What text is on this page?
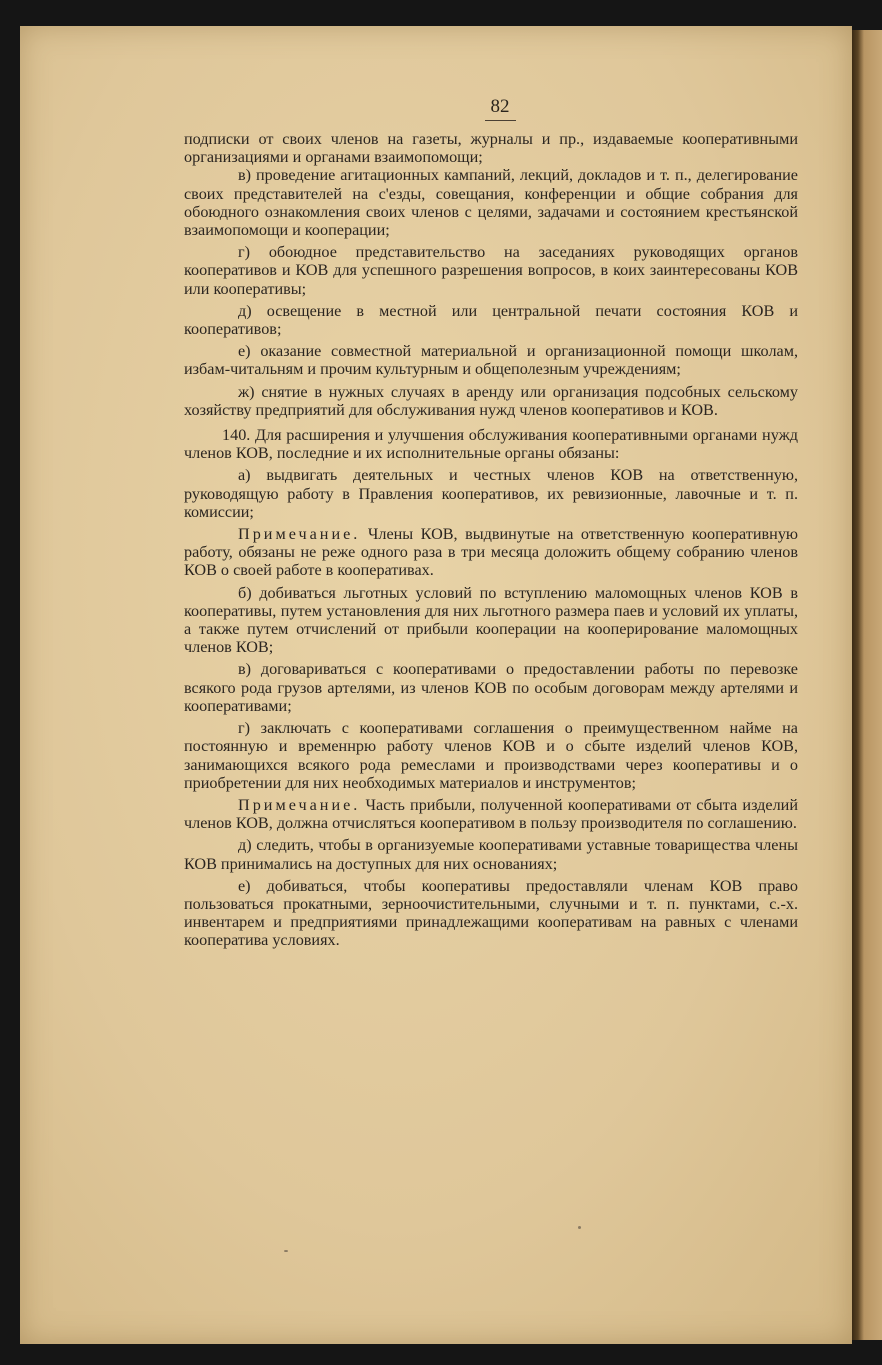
82

подписки от своих членов на газеты, журналы и пр., издаваемые кооперативными организациями и органами взаимопомощи;

в) проведение агитационных кампаний, лекций, докладов и т. п., делегирование своих представителей на с'езды, совещания, конференции и общие собрания для обоюдного ознакомления своих членов с целями, задачами и состоянием крестьянской взаимопомощи и кооперации;

г) обоюдное представительство на заседаниях руководящих органов кооперативов и КОВ для успешного разрешения вопросов, в коих заинтересованы КОВ или кооперативы;

д) освещение в местной или центральной печати состояния КОВ и кооперативов;

е) оказание совместной материальной и организационной помощи школам, избам-читальням и прочим культурным и общеполезным учреждениям;

ж) снятие в нужных случаях в аренду или организация подсобных сельскому хозяйству предприятий для обслуживания нужд членов кооперативов и КОВ.

140. Для расширения и улучшения обслуживания кооперативными органами нужд членов КОВ, последние и их исполнительные органы обязаны:

а) выдвигать деятельных и честных членов КОВ на ответственную, руководящую работу в Правления кооперативов, их ревизионные, лавочные и т. п. комиссии;

Примечание. Члены КОВ, выдвинутые на ответственную кооперативную работу, обязаны не реже одного раза в три месяца доложить общему собранию членов КОВ о своей работе в кооперативах.

б) добиваться льготных условий по вступлению маломощных членов КОВ в кооперативы, путем установления для них льготного размера паев и условий их уплаты, а также путем отчислений от прибыли кооперации на кооперирование маломощных членов КОВ;

в) договариваться с кооперативами о предоставлении работы по перевозке всякого рода грузов артелями, из членов КОВ по особым договорам между артелями и кооперативами;

г) заключать с кооперативами соглашения о преимущественном найме на постоянную и временнрю работу членов КОВ и о сбыте изделий членов КОВ, занимающихся всякого рода ремеслами и производствами через кооперативы и о приобретении для них необходимых материалов и инструментов;

Примечание. Часть прибыли, полученной кооперативами от сбыта изделий членов КОВ, должна отчисляться кооперативом в пользу производителя по соглашению.

д) следить, чтобы в организуемые кооперативами уставные товарищества члены КОВ принимались на доступных для них основаниях;

е) добиваться, чтобы кооперативы предоставляли членам КОВ право пользоваться прокатными, зерноочистительными, случными и т. п. пунктами, с.-х. инвентарем и предприятиями принадлежащими кооперативам на равных с членами кооператива условиях.
